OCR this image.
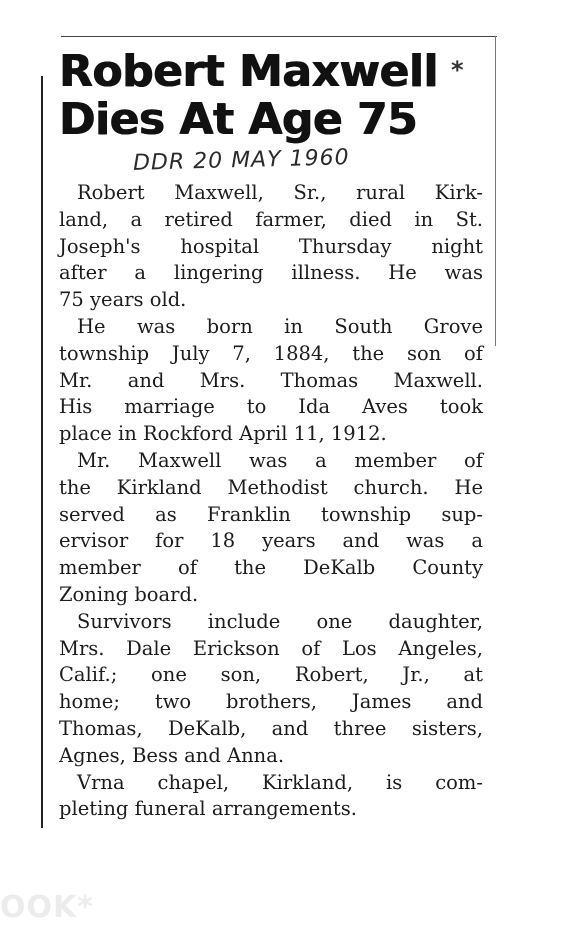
Robert Maxwell
Dies At Age 75
*
DDR 20 MAY 1960
Robert Maxwell, Sr., rural Kirk-
land, a retired farmer, died in St.
Joseph's hospital Thursday night
after a lingering illness. He was
75 years old.
He was born in South Grove
township July 7, 1884, the son of
Mr. and Mrs. Thomas Maxwell.
His marriage to Ida Aves took
place in Rockford April 11, 1912.
Mr. Maxwell was a member of
the Kirkland Methodist church. He
served as Franklin township sup-
ervisor for 18 years and was a
member of the DeKalb County
Zoning board.
Survivors include one daughter,
Mrs. Dale Erickson of Los Angeles,
Calif.; one son, Robert, Jr., at
home; two brothers, James and
Thomas, DeKalb, and three sisters,
Agnes, Bess and Anna.
Vrna chapel, Kirkland, is com-
pleting funeral arrangements.
OOK*
